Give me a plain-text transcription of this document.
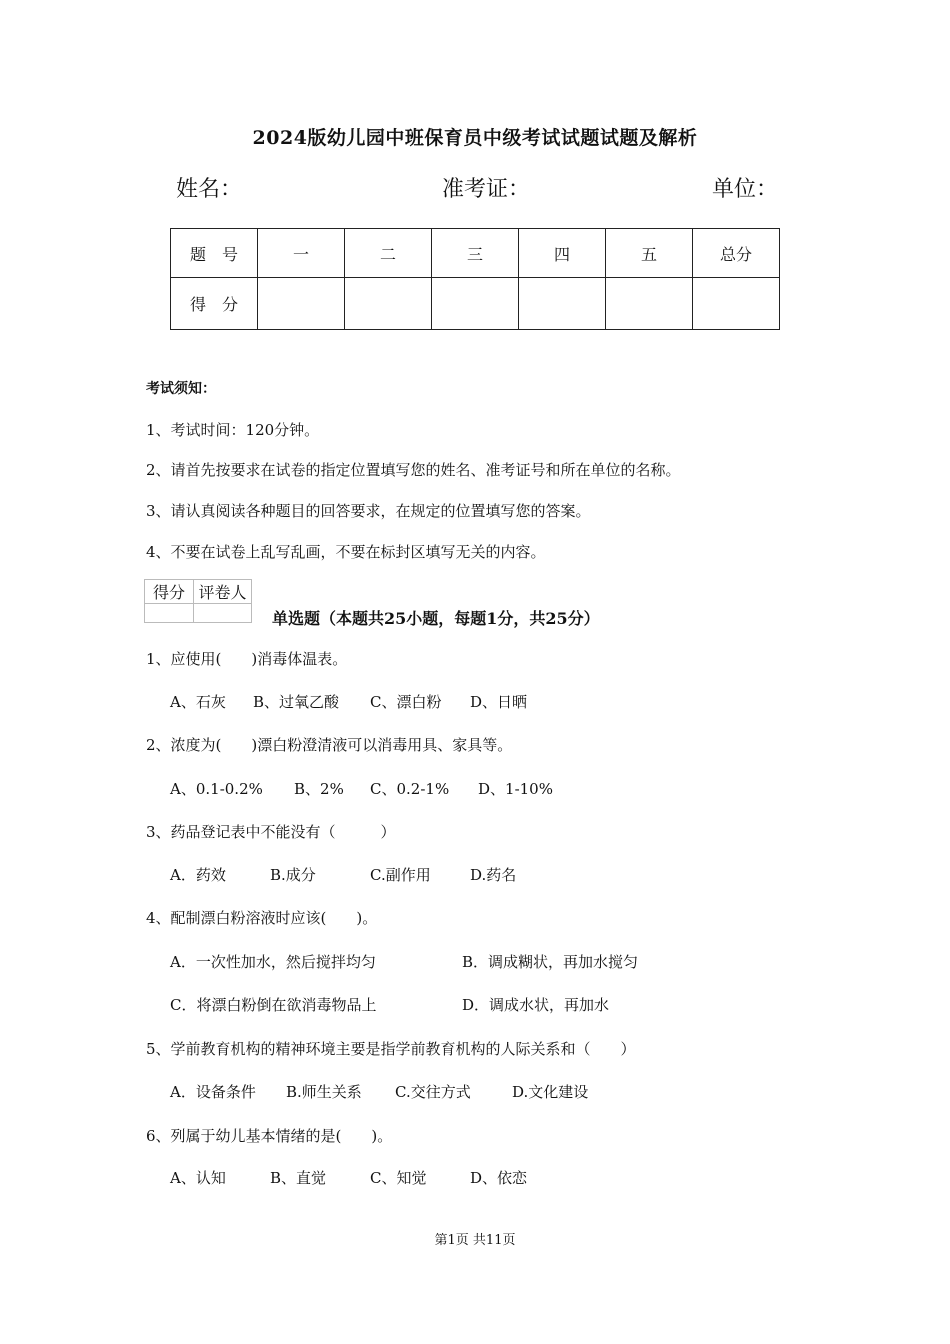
2024版幼儿园中班保育员中级考试试题试题及解析
姓名：	准考证：	单位：
题　号	一	二	三	四	五	总分
得　分						
考试须知：
1、考试时间：120分钟。
2、请首先按要求在试卷的指定位置填写您的姓名、准考证号和所在单位的名称。
3、请认真阅读各种题目的回答要求，在规定的位置填写您的答案。
4、不要在试卷上乱写乱画，不要在标封区填写无关的内容。
得分	评卷人

单选题（本题共25小题，每题1分，共25分）
1、应使用(　　)消毒体温表。
A、石灰 B、过氧乙酸 C、漂白粉 D、日晒
2、浓度为(　　)漂白粉澄清液可以消毒用具、家具等。
A、0.1-0.2% B、2% C、0.2-1% D、1-10%
3、药品登记表中不能没有（　　　）
A．药效	B.成分	C.副作用	D.药名
4、配制漂白粉溶液时应该(　　)。
A．一次性加水，然后搅拌均匀	B．调成糊状，再加水搅匀
C．将漂白粉倒在欲消毒物品上	D．调成水状，再加水
5、学前教育机构的精神环境主要是指学前教育机构的人际关系和（　　）
A．设备条件 B.师生关系 C.交往方式	D.文化建设
6、列属于幼儿基本情绪的是(　　)。
A、认知	B、直觉	C、知觉	D、依恋
第1页 共11页
